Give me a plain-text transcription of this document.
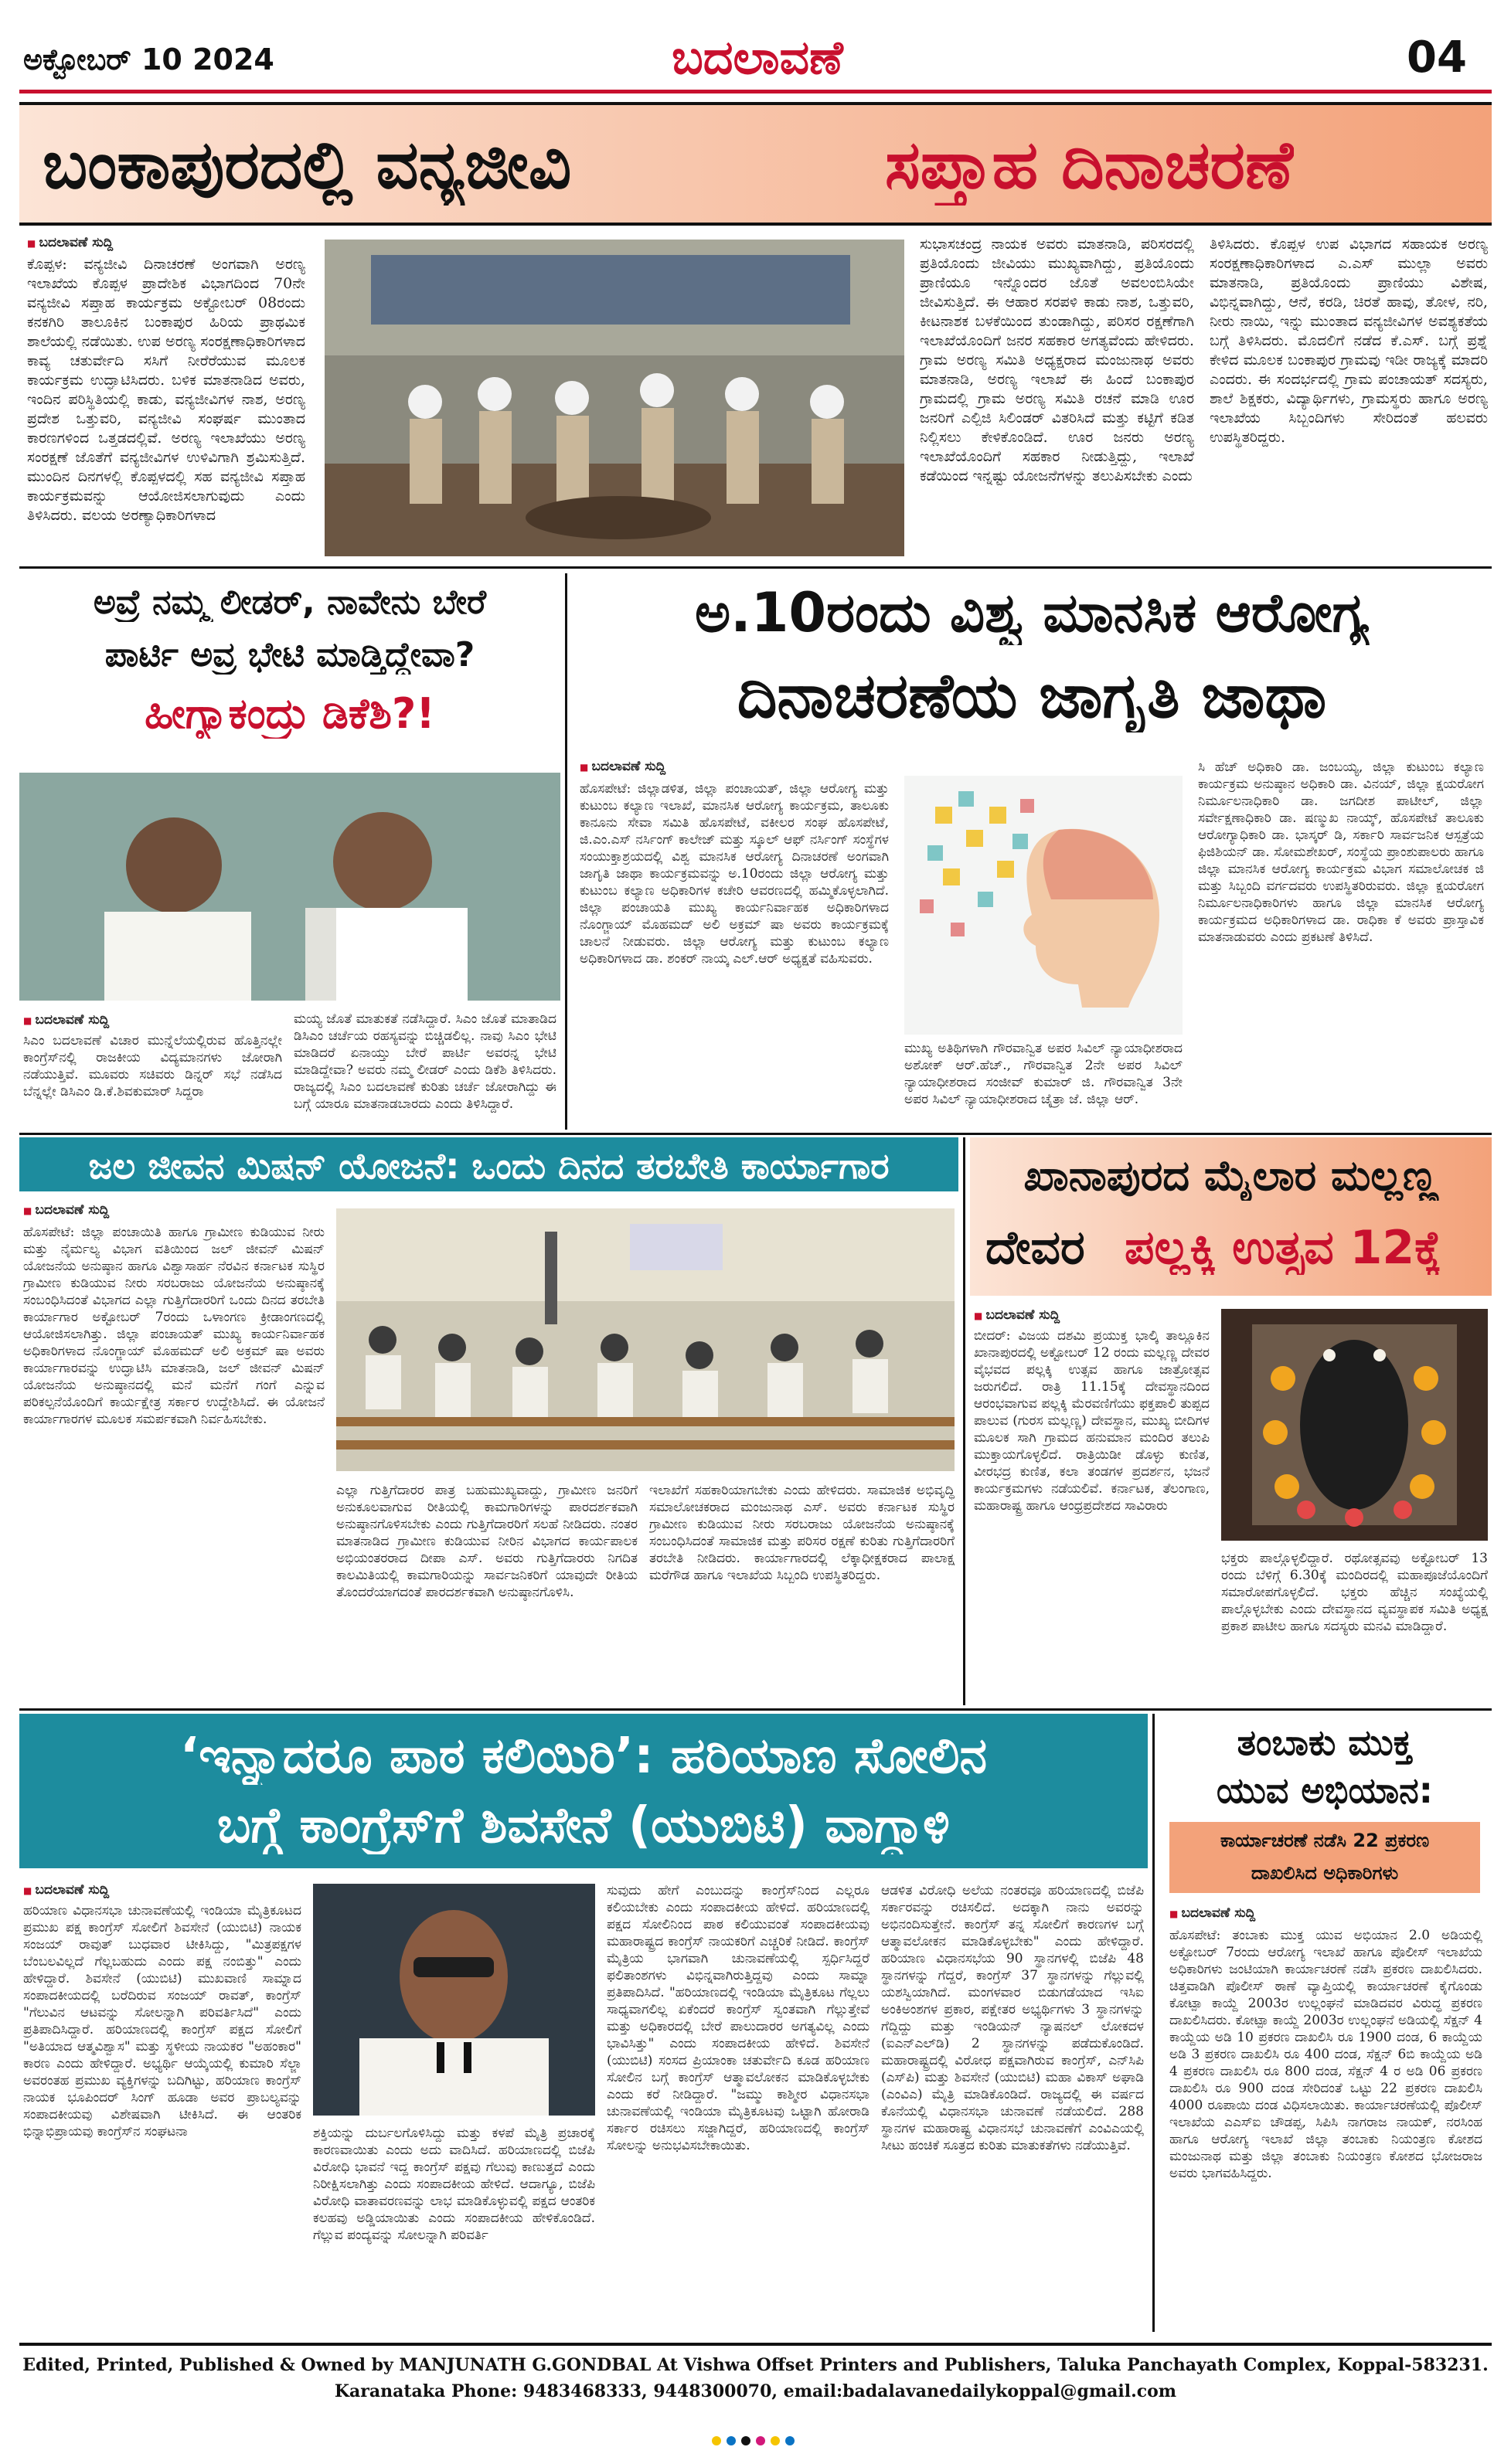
ಅಕ್ಟೋಬರ್ 10 2024	ಬದಲಾವಣೆ	04
ಬಂಕಾಪುರದಲ್ಲಿ ವನ್ಯಜೀವಿ	ಸಪ್ತಾಹ ದಿನಾಚರಣೆ
■ ಬದಲಾವಣೆ ಸುದ್ದಿ
ಕೊಪ್ಪಳ: ವನ್ಯಜೀವಿ ದಿನಾಚರಣೆ ಅಂಗವಾಗಿ ಅರಣ್ಯ ಇಲಾಖೆಯ ಕೊಪ್ಪಳ ಪ್ರಾದೇಶಿಕ ವಿಭಾಗದಿಂದ 70ನೇ ವನ್ಯಜೀವಿ ಸಪ್ತಾಹ ಕಾರ್ಯಕ್ರಮ ಅಕ್ಟೋಬರ್ 08ರಂದು ಕನಕಗಿರಿ ತಾಲೂಕಿನ ಬಂಕಾಪುರ ಹಿರಿಯ ಪ್ರಾಥಮಿಕ ಶಾಲೆಯಲ್ಲಿ ನಡೆಯಿತು. ಉಪ ಅರಣ್ಯ ಸಂರಕ್ಷಣಾಧಿಕಾರಿಗಳಾದ ಕಾವ್ಯ ಚತುರ್ವೇದಿ ಸಸಿಗೆ ನೀರೆರೆಯುವ ಮೂಲಕ ಕಾರ್ಯಕ್ರಮ ಉದ್ಘಾಟಿಸಿದರು. ಬಳಿಕ ಮಾತನಾಡಿದ ಅವರು, ಇಂದಿನ ಪರಿಸ್ಥಿತಿಯಲ್ಲಿ ಕಾಡು, ವನ್ಯಜೀವಿಗಳ ನಾಶ, ಅರಣ್ಯ ಪ್ರದೇಶ ಒತ್ತುವರಿ, ವನ್ಯಜೀವಿ ಸಂಘರ್ಷ ಮುಂತಾದ ಕಾರಣಗಳಿಂದ ಒತ್ತಡದಲ್ಲಿವೆ. ಅರಣ್ಯ ಇಲಾಖೆಯು ಅರಣ್ಯ ಸಂರಕ್ಷಣೆ ಜೊತೆಗೆ ವನ್ಯಜೀವಿಗಳ ಉಳಿವಿಗಾಗಿ ಶ್ರಮಿಸುತ್ತಿದೆ. ಮುಂದಿನ ದಿನಗಳಲ್ಲಿ ಕೊಪ್ಪಳದಲ್ಲಿ ಸಹ ವನ್ಯಜೀವಿ ಸಪ್ತಾಹ ಕಾರ್ಯಕ್ರಮವನ್ನು ಆಯೋಜಿಸಲಾಗುವುದು ಎಂದು ತಿಳಿಸಿದರು. ವಲಯ ಅರಣ್ಯಾಧಿಕಾರಿಗಳಾದ
ಸುಭಾಸಚಂದ್ರ ನಾಯಕ ಅವರು ಮಾತನಾಡಿ, ಪರಿಸರದಲ್ಲಿ ಪ್ರತಿಯೊಂದು ಜೀವಿಯು ಮುಖ್ಯವಾಗಿದ್ದು, ಪ್ರತಿಯೊಂದು ಪ್ರಾಣಿಯೂ ಇನ್ನೊಂದರ ಜೊತೆ ಅವಲಂಬಿಸಿಯೇ ಜೀವಿಸುತ್ತಿದೆ. ಈ ಆಹಾರ ಸರಪಳಿ ಕಾಡು ನಾಶ, ಒತ್ತುವರಿ, ಕೀಟನಾಶಕ ಬಳಕೆಯಿಂದ ತುಂಡಾಗಿದ್ದು, ಪರಿಸರ ರಕ್ಷಣೆಗಾಗಿ ಇಲಾಖೆಯೊಂದಿಗೆ ಜನರ ಸಹಕಾರ ಅಗತ್ಯವೆಂದು ಹೇಳಿದರು. ಗ್ರಾಮ ಅರಣ್ಯ ಸಮಿತಿ ಅಧ್ಯಕ್ಷರಾದ ಮಂಜುನಾಥ ಅವರು ಮಾತನಾಡಿ, ಅರಣ್ಯ ಇಲಾಖೆ ಈ ಹಿಂದೆ ಬಂಕಾಪುರ ಗ್ರಾಮದಲ್ಲಿ ಗ್ರಾಮ ಅರಣ್ಯ ಸಮಿತಿ ರಚನೆ ಮಾಡಿ ಊರ ಜನರಿಗೆ ಎಲ್ಪಿಜಿ ಸಿಲಿಂಡರ್ ವಿತರಿಸಿದೆ ಮತ್ತು ಕಟ್ಟಿಗೆ ಕಡಿತ ನಿಲ್ಲಿಸಲು ಕೇಳಿಕೊಂಡಿದೆ. ಊರ ಜನರು ಅರಣ್ಯ ಇಲಾಖೆಯೊಂದಿಗೆ ಸಹಕಾರ ನೀಡುತ್ತಿದ್ದು, ಇಲಾಖೆ ಕಡೆಯಿಂದ ಇನ್ನಷ್ಟು ಯೋಜನೆಗಳನ್ನು ತಲುಪಿಸಬೇಕು ಎಂದು
ತಿಳಿಸಿದರು. ಕೊಪ್ಪಳ ಉಪ ವಿಭಾಗದ ಸಹಾಯಕ ಅರಣ್ಯ ಸಂರಕ್ಷಣಾಧಿಕಾರಿಗಳಾದ ಎ.ಎಸ್ ಮುಲ್ಲಾ ಅವರು ಮಾತನಾಡಿ, ಪ್ರತಿಯೊಂದು ಪ್ರಾಣಿಯು ವಿಶೇಷ, ವಿಭಿನ್ನವಾಗಿದ್ದು, ಆನೆ, ಕರಡಿ, ಚಿರತೆ ಹಾವು, ತೋಳ, ನರಿ, ನೀರು ನಾಯಿ, ಇನ್ನು ಮುಂತಾದ ವನ್ಯಜೀವಿಗಳ ಅವಶ್ಯಕತೆಯ ಬಗ್ಗೆ ತಿಳಿಸಿದರು. ಮೊದಲಿಗೆ ನಡೆದ ಕೆ.ಎಸ್. ಬಗ್ಗೆ ಪ್ರಶ್ನೆ ಕೇಳಿದ ಮೂಲಕ ಬಂಕಾಪುರ ಗ್ರಾಮವು ಇಡೀ ರಾಜ್ಯಕ್ಕೆ ಮಾದರಿ ಎಂದರು. ಈ ಸಂದರ್ಭದಲ್ಲಿ ಗ್ರಾಮ ಪಂಚಾಯತ್ ಸದಸ್ಯರು, ಶಾಲೆ ಶಿಕ್ಷಕರು, ವಿದ್ಯಾರ್ಥಿಗಳು, ಗ್ರಾಮಸ್ಥರು ಹಾಗೂ ಅರಣ್ಯ ಇಲಾಖೆಯ ಸಿಬ್ಬಂದಿಗಳು ಸೇರಿದಂತೆ ಹಲವರು ಉಪಸ್ಥಿತರಿದ್ದರು.
ಅವ್ರೆ ನಮ್ಮ ಲೀಡರ್, ನಾವೇನು ಬೇರೆ
ಪಾರ್ಟಿ ಅವ್ರ ಭೇಟಿ ಮಾಡ್ತಿದ್ದೇವಾ?
ಹೀಗ್ಯಾಕಂದ್ರು ಡಿಕೆಶಿ?!
■ ಬದಲಾವಣೆ ಸುದ್ದಿ
ಸಿಎಂ ಬದಲಾವಣೆ ವಿಚಾರ ಮುನ್ನೆಲೆಯಲ್ಲಿರುವ ಹೊತ್ತಿನಲ್ಲೇ ಕಾಂಗ್ರೆಸ್‌ನಲ್ಲಿ ರಾಜಕೀಯ ವಿದ್ಯಮಾನಗಳು ಜೋರಾಗಿ ನಡೆಯುತ್ತಿವೆ. ಮೂವರು ಸಚಿವರು ಡಿನ್ನರ್ ಸಭೆ ನಡೆಸಿದ ಬೆನ್ನಲ್ಲೇ ಡಿಸಿಎಂ ಡಿ.ಕೆ.ಶಿವಕುಮಾರ್ ಸಿದ್ದರಾ
ಮಯ್ಯ ಜೊತೆ ಮಾತುಕತೆ ನಡೆಸಿದ್ದಾರೆ. ಸಿಎಂ ಜೊತೆ ಮಾತಾಡಿದ ಡಿಸಿಎಂ ಚರ್ಚೆಯ ರಹಸ್ಯವನ್ನು ಬಿಚ್ಚಿಡಲಿಲ್ಲ. ನಾವು ಸಿಎಂ ಭೇಟಿ ಮಾಡಿದರೆ ಏನಾಯ್ತು ಬೇರೆ ಪಾರ್ಟಿ ಅವರನ್ನ ಭೇಟಿ ಮಾಡಿದ್ದೇವಾ? ಅವರು ನಮ್ಮ ಲೀಡರ್ ಎಂದು ಡಿಕೆಶಿ ತಿಳಿಸಿದರು. ರಾಜ್ಯದಲ್ಲಿ ಸಿಎಂ ಬದಲಾವಣೆ ಕುರಿತು ಚರ್ಚೆ ಜೋರಾಗಿದ್ದು ಈ ಬಗ್ಗೆ ಯಾರೂ ಮಾತನಾಡಬಾರದು ಎಂದು ತಿಳಿಸಿದ್ದಾರೆ.
ಅ.10ರಂದು ವಿಶ್ವ ಮಾನಸಿಕ ಆರೋಗ್ಯ
ದಿನಾಚರಣೆಯ ಜಾಗೃತಿ ಜಾಥಾ
■ ಬದಲಾವಣೆ ಸುದ್ದಿ
ಹೊಸಪೇಟೆ: ಜಿಲ್ಲಾಡಳಿತ, ಜಿಲ್ಲಾ ಪಂಚಾಯತ್, ಜಿಲ್ಲಾ ಆರೋಗ್ಯ ಮತ್ತು ಕುಟುಂಬ ಕಲ್ಯಾಣ ಇಲಾಖೆ, ಮಾನಸಿಕ ಆರೋಗ್ಯ ಕಾರ್ಯಕ್ರಮ, ತಾಲೂಕು ಕಾನೂನು ಸೇವಾ ಸಮಿತಿ ಹೊಸಪೇಟೆ, ವಕೀಲರ ಸಂಘ ಹೊಸಪೇಟೆ, ಜಿ.ಎಂ.ಎಸ್ ನರ್ಸಿಂಗ್ ಕಾಲೇಜ್ ಮತ್ತು ಸ್ಕೂಲ್ ಆಫ್ ನರ್ಸಿಂಗ್ ಸಂಸ್ಥೆಗಳ ಸಂಯುಕ್ತಾಶ್ರಯದಲ್ಲಿ ವಿಶ್ವ ಮಾನಸಿಕ ಆರೋಗ್ಯ ದಿನಾಚರಣೆ ಅಂಗವಾಗಿ ಜಾಗೃತಿ ಜಾಥಾ ಕಾರ್ಯಕ್ರಮವನ್ನು ಅ.10ರಂದು ಜಿಲ್ಲಾ ಆರೋಗ್ಯ ಮತ್ತು ಕುಟುಂಬ ಕಲ್ಯಾಣ ಅಧಿಕಾರಿಗಳ ಕಚೇರಿ ಆವರಣದಲ್ಲಿ ಹಮ್ಮಿಕೊಳ್ಳಲಾಗಿದೆ. ಜಿಲ್ಲಾ ಪಂಚಾಯತಿ ಮುಖ್ಯ ಕಾರ್ಯನಿರ್ವಾಹಕ ಅಧಿಕಾರಿಗಳಾದ ನೊಂಗ್ಜಾಯ್ ಮೊಹಮದ್ ಅಲಿ ಅಕ್ರಮ್ ಷಾ ಅವರು ಕಾರ್ಯಕ್ರಮಕ್ಕೆ ಚಾಲನೆ ನೀಡುವರು. ಜಿಲ್ಲಾ ಆರೋಗ್ಯ ಮತ್ತು ಕುಟುಂಬ ಕಲ್ಯಾಣ ಅಧಿಕಾರಿಗಳಾದ ಡಾ. ಶಂಕರ್ ನಾಯ್ಕ ಎಲ್.ಆರ್ ಅಧ್ಯಕ್ಷತೆ ವಹಿಸುವರು.
ಮುಖ್ಯ ಅತಿಥಿಗಳಾಗಿ ಗೌರವಾನ್ವಿತ ಅಪರ ಸಿವಿಲ್ ನ್ಯಾಯಾಧೀಶರಾದ ಅಶೋಕ್ ಆರ್.ಹೆಚ್., ಗೌರವಾನ್ವಿತ 2ನೇ ಅಪರ ಸಿವಿಲ್ ನ್ಯಾಯಾಧೀಶರಾದ ಸಂಜೀವ್ ಕುಮಾರ್ ಜಿ. ಗೌರವಾನ್ವಿತ 3ನೇ ಅಪರ ಸಿವಿಲ್ ನ್ಯಾಯಾಧೀಶರಾದ ಚೈತ್ರಾ ಜೆ. ಜಿಲ್ಲಾ ಆರ್.
ಸಿ ಹೆಚ್ ಅಧಿಕಾರಿ ಡಾ. ಜಂಬಯ್ಯ, ಜಿಲ್ಲಾ ಕುಟುಂಬ ಕಲ್ಯಾಣ ಕಾರ್ಯಕ್ರಮ ಅನುಷ್ಠಾನ ಅಧಿಕಾರಿ ಡಾ. ವಿನಯ್, ಜಿಲ್ಲಾ ಕ್ಷಯರೋಗ ನಿರ್ಮೂಲನಾಧಿಕಾರಿ ಡಾ. ಜಗದೀಶ ಪಾಟೀಲ್, ಜಿಲ್ಲಾ ಸರ್ವೇಕ್ಷಣಾಧಿಕಾರಿ ಡಾ. ಷಣ್ಮುಖ ನಾಯ್ಕ್, ಹೊಸಪೇಟೆ ತಾಲೂಕು ಆರೋಗ್ಯಾಧಿಕಾರಿ ಡಾ. ಭಾಸ್ಕರ್ ಡಿ, ಸರ್ಕಾರಿ ಸಾರ್ವಜನಿಕ ಆಸ್ಪತ್ರೆಯ ಫಿಜಿಶಿಯನ್ ಡಾ. ಸೋಮಶೇಖರ್, ಸಂಸ್ಥೆಯ ಪ್ರಾಂಶುಪಾಲರು ಹಾಗೂ ಜಿಲ್ಲಾ ಮಾನಸಿಕ ಆರೋಗ್ಯ ಕಾರ್ಯಕ್ರಮ ವಿಭಾಗ ಸಮಾಲೋಚಕ ಜಿ ಮತ್ತು ಸಿಬ್ಬಂದಿ ವರ್ಗದವರು ಉಪಸ್ಥಿತರಿರುವರು. ಜಿಲ್ಲಾ ಕ್ಷಯರೋಗ ನಿರ್ಮೂಲನಾಧಿಕಾರಿಗಳು ಹಾಗೂ ಜಿಲ್ಲಾ ಮಾನಸಿಕ ಆರೋಗ್ಯ ಕಾರ್ಯಕ್ರಮದ ಅಧಿಕಾರಿಗಳಾದ ಡಾ. ರಾಧಿಕಾ ಕೆ ಅವರು ಪ್ರಾಸ್ತಾವಿಕ ಮಾತನಾಡುವರು ಎಂದು ಪ್ರಕಟಣೆ ತಿಳಿಸಿದೆ.
ಜಲ ಜೀವನ ಮಿಷನ್ ಯೋಜನೆ: ಒಂದು ದಿನದ ತರಬೇತಿ ಕಾರ್ಯಾಗಾರ
■ ಬದಲಾವಣೆ ಸುದ್ದಿ
ಹೊಸಪೇಟೆ: ಜಿಲ್ಲಾ ಪಂಚಾಯಿತಿ ಹಾಗೂ ಗ್ರಾಮೀಣ ಕುಡಿಯುವ ನೀರು ಮತ್ತು ನೈರ್ಮಲ್ಯ ವಿಭಾಗ ವತಿಯಿಂದ ಜಲ್ ಜೀವನ್ ಮಿಷನ್ ಯೋಜನೆಯ ಅನುಷ್ಠಾನ ಹಾಗೂ ವಿಶ್ವಾಸಾರ್ಹ ನೆರವಿನ ಕರ್ನಾಟಕ ಸುಸ್ಥಿರ ಗ್ರಾಮೀಣ ಕುಡಿಯುವ ನೀರು ಸರಬರಾಜು ಯೋಜನೆಯ ಅನುಷ್ಠಾನಕ್ಕೆ ಸಂಬಂಧಿಸಿದಂತೆ ವಿಭಾಗದ ಎಲ್ಲಾ ಗುತ್ತಿಗೆದಾರರಿಗೆ ಒಂದು ದಿನದ ತರಬೇತಿ ಕಾರ್ಯಾಗಾರ ಅಕ್ಟೋಬರ್ 7ರಂದು ಒಳಾಂಗಣ ಕ್ರೀಡಾಂಗಣದಲ್ಲಿ ಆಯೋಜಿಸಲಾಗಿತ್ತು. ಜಿಲ್ಲಾ ಪಂಚಾಯತ್ ಮುಖ್ಯ ಕಾರ್ಯನಿರ್ವಾಹಕ ಅಧಿಕಾರಿಗಳಾದ ನೊಂಗ್ಜಾಯ್ ಮೊಹಮದ್ ಅಲಿ ಅಕ್ರಮ್ ಷಾ ಅವರು ಕಾರ್ಯಾಗಾರವನ್ನು ಉದ್ಘಾಟಿಸಿ ಮಾತನಾಡಿ, ಜಲ್ ಜೀವನ್ ಮಿಷನ್ ಯೋಜನೆಯ ಅನುಷ್ಠಾನದಲ್ಲಿ ಮನೆ ಮನೆಗೆ ಗಂಗೆ ಎನ್ನುವ ಪರಿಕಲ್ಪನೆಯೊಂದಿಗೆ ಕಾರ್ಯಕ್ಷೇತ್ರ ಸರ್ಕಾರ ಉದ್ದೇಶಿಸಿದೆ. ಈ ಯೋಜನೆ ಕಾರ್ಯಾಗಾರಗಳ ಮೂಲಕ ಸಮರ್ಪಕವಾಗಿ ನಿರ್ವಹಿಸಬೇಕು.
ಎಲ್ಲಾ ಗುತ್ತಿಗೆದಾರರ ಪಾತ್ರ ಬಹುಮುಖ್ಯವಾದ್ದು, ಗ್ರಾಮೀಣ ಜನರಿಗೆ ಅನುಕೂಲವಾಗುವ ರೀತಿಯಲ್ಲಿ ಕಾಮಗಾರಿಗಳನ್ನು ಪಾರದರ್ಶಕವಾಗಿ ಅನುಷ್ಠಾನಗೊಳಿಸಬೇಕು ಎಂದು ಗುತ್ತಿಗೆದಾರರಿಗೆ ಸಲಹೆ ನೀಡಿದರು. ನಂತರ ಮಾತನಾಡಿದ ಗ್ರಾಮೀಣ ಕುಡಿಯುವ ನೀರಿನ ವಿಭಾಗದ ಕಾರ್ಯಪಾಲಕ ಅಭಿಯಂತರರಾದ ದೀಪಾ ಎಸ್. ಅವರು ಗುತ್ತಿಗೆದಾರರು ನಿಗದಿತ ಕಾಲಮಿತಿಯಲ್ಲಿ ಕಾಮಗಾರಿಯನ್ನು ಸಾರ್ವಜನಿಕರಿಗೆ ಯಾವುದೇ ರೀತಿಯ ತೊಂದರೆಯಾಗದಂತೆ ಪಾರದರ್ಶಕವಾಗಿ ಅನುಷ್ಠಾನಗೊಳಿಸಿ.
ಇಲಾಖೆಗೆ ಸಹಕಾರಿಯಾಗಬೇಕು ಎಂದು ಹೇಳಿದರು. ಸಾಮಾಜಿಕ ಅಭಿವೃದ್ಧಿ ಸಮಾಲೋಚಕರಾದ ಮಂಜುನಾಥ ಎಸ್. ಅವರು ಕರ್ನಾಟಕ ಸುಸ್ಥಿರ ಗ್ರಾಮೀಣ ಕುಡಿಯುವ ನೀರು ಸರಬರಾಜು ಯೋಜನೆಯ ಅನುಷ್ಠಾನಕ್ಕೆ ಸಂಬಂಧಿಸಿದಂತೆ ಸಾಮಾಜಿಕ ಮತ್ತು ಪರಿಸರ ರಕ್ಷಣೆ ಕುರಿತು ಗುತ್ತಿಗೆದಾರರಿಗೆ ತರಬೇತಿ ನೀಡಿದರು. ಕಾರ್ಯಾಗಾರದಲ್ಲಿ ಲೆಕ್ಕಾಧೀಕ್ಷಕರಾದ ಪಾಲಾಕ್ಷ ಮರೆಗೌಡ ಹಾಗೂ ಇಲಾಖೆಯ ಸಿಬ್ಬಂದಿ ಉಪಸ್ಥಿತರಿದ್ದರು.
ಖಾನಾಪುರದ ಮೈಲಾರ ಮಲ್ಲಣ್ಣ
ದೇವರ ಪಲ್ಲಕ್ಕಿ ಉತ್ಸವ 12ಕ್ಕೆ
■ ಬದಲಾವಣೆ ಸುದ್ದಿ
ಬೀದರ್: ವಿಜಯ ದಶಮಿ ಪ್ರಯುಕ್ತ ಭಾಲ್ಕಿ ತಾಲ್ಲೂಕಿನ ಖಾನಾಪುರದಲ್ಲಿ ಅಕ್ಟೋಬರ್ 12 ರಂದು ಮಲ್ಲಣ್ಣ ದೇವರ ವೈಭವದ ಪಲ್ಲಕ್ಕಿ ಉತ್ಸವ ಹಾಗೂ ಜಾತ್ರೋತ್ಸವ ಜರುಗಲಿದೆ. ರಾತ್ರಿ 11.15ಕ್ಕೆ ದೇವಸ್ಥಾನದಿಂದ ಆರಂಭವಾಗುವ ಪಲ್ಲಕ್ಕಿ ಮೆರವಣಿಗೆಯು ಫಕ್ತಪಾಲಿ ತುಪ್ಪದ ಪಾಲುವ (ಗುರಸ ಮಲ್ಲಣ್ಣ) ದೇವಸ್ಥಾನ, ಮುಖ್ಯ ಬೀದಿಗಳ ಮೂಲಕ ಸಾಗಿ ಗ್ರಾಮದ ಹನುಮಾನ ಮಂದಿರ ತಲುಪಿ ಮುಕ್ತಾಯಗೊಳ್ಳಲಿದೆ. ರಾತ್ರಿಯಿಡೀ ಡೊಳ್ಳು ಕುಣಿತ, ವೀರಭದ್ರ ಕುಣಿತ, ಕಲಾ ತಂಡಗಳ ಪ್ರದರ್ಶನ, ಭಜನೆ ಕಾರ್ಯಕ್ರಮಗಳು ನಡೆಯಲಿವೆ. ಕರ್ನಾಟಕ, ತೆಲಂಗಾಣ, ಮಹಾರಾಷ್ಟ್ರ ಹಾಗೂ ಆಂಧ್ರಪ್ರದೇಶದ ಸಾವಿರಾರು
ಭಕ್ತರು ಪಾಲ್ಗೊಳ್ಳಲಿದ್ದಾರೆ. ರಥೋತ್ಸವವು ಅಕ್ಟೋಬರ್ 13 ರಂದು ಬೆಳಿಗ್ಗೆ 6.30ಕ್ಕೆ ಮಂದಿರದಲ್ಲಿ ಮಹಾಪೂಜೆಯೊಂದಿಗೆ ಸಮಾರೋಪಗೊಳ್ಳಲಿದೆ. ಭಕ್ತರು ಹೆಚ್ಚಿನ ಸಂಖ್ಯೆಯಲ್ಲಿ ಪಾಲ್ಗೊಳ್ಳಬೇಕು ಎಂದು ದೇವಸ್ಥಾನದ ವ್ಯವಸ್ಥಾಪಕ ಸಮಿತಿ ಅಧ್ಯಕ್ಷ ಪ್ರಕಾಶ ಪಾಟೀಲ ಹಾಗೂ ಸದಸ್ಯರು ಮನವಿ ಮಾಡಿದ್ದಾರೆ.
‘ಇನ್ನಾದರೂ ಪಾಠ ಕಲಿಯಿರಿ’: ಹರಿಯಾಣ ಸೋಲಿನ
ಬಗ್ಗೆ ಕಾಂಗ್ರೆಸ್‌ಗೆ ಶಿವಸೇನೆ (ಯುಬಿಟಿ) ವಾಗ್ದಾಳಿ
■ ಬದಲಾವಣೆ ಸುದ್ದಿ
ಹರಿಯಾಣ ವಿಧಾನಸಭಾ ಚುನಾವಣೆಯಲ್ಲಿ ಇಂಡಿಯಾ ಮೈತ್ರಿಕೂಟದ ಪ್ರಮುಖ ಪಕ್ಷ ಕಾಂಗ್ರೆಸ್ ಸೋಲಿಗೆ ಶಿವಸೇನೆ (ಯುಬಿಟಿ) ನಾಯಕ ಸಂಜಯ್ ರಾವುತ್ ಬುಧವಾರ ಟೀಕಿಸಿದ್ದು, "ಮಿತ್ರಪಕ್ಷಗಳ ಬೆಂಬಲವಿಲ್ಲದೆ ಗೆಲ್ಲಬಹುದು ಎಂದು ಪಕ್ಷ ನಂಬಿತ್ತು" ಎಂದು ಹೇಳಿದ್ದಾರೆ. ಶಿವಸೇನೆ (ಯುಬಿಟಿ) ಮುಖವಾಣಿ ಸಾಮ್ನಾದ ಸಂಪಾದಕೀಯದಲ್ಲಿ ಬರೆದಿರುವ ಸಂಜಯ್ ರಾವತ್, ಕಾಂಗ್ರೆಸ್ "ಗೆಲುವಿನ ಆಟವನ್ನು ಸೋಲನ್ನಾಗಿ ಪರಿವರ್ತಿಸಿದೆ" ಎಂದು ಪ್ರತಿಪಾದಿಸಿದ್ದಾರೆ. ಹರಿಯಾಣದಲ್ಲಿ ಕಾಂಗ್ರೆಸ್ ಪಕ್ಷದ ಸೋಲಿಗೆ "ಅತಿಯಾದ ಆತ್ಮವಿಶ್ವಾಸ" ಮತ್ತು ಸ್ಥಳೀಯ ನಾಯಕರ "ಅಹಂಕಾರ" ಕಾರಣ ಎಂದು ಹೇಳಿದ್ದಾರೆ. ಅಭ್ಯರ್ಥಿ ಆಯ್ಕೆಯಲ್ಲಿ ಕುಮಾರಿ ಸೆಲ್ಜಾ ಅವರಂತಹ ಪ್ರಮುಖ ವ್ಯಕ್ತಿಗಳನ್ನು ಬದಿಗಿಟ್ಟು, ಹರಿಯಾಣ ಕಾಂಗ್ರೆಸ್ ನಾಯಕ ಭೂಪಿಂದರ್ ಸಿಂಗ್ ಹೂಡಾ ಅವರ ಪ್ರಾಬಲ್ಯವನ್ನು ಸಂಪಾದಕೀಯವು ವಿಶೇಷವಾಗಿ ಟೀಕಿಸಿದೆ. ಈ ಆಂತರಿಕ ಭಿನ್ನಾಭಿಪ್ರಾಯವು ಕಾಂಗ್ರೆಸ್‌ನ ಸಂಘಟನಾ	ಶಕ್ತಿಯನ್ನು ದುರ್ಬಲಗೊಳಿಸಿದ್ದು ಮತ್ತು ಕಳಪೆ ಮೈತ್ರಿ ಪ್ರಚಾರಕ್ಕೆ ಕಾರಣವಾಯಿತು ಎಂದು ಅದು ವಾದಿಸಿದೆ. ಹರಿಯಾಣದಲ್ಲಿ ಬಿಜೆಪಿ ವಿರೋಧಿ ಭಾವನೆ ಇದ್ದ ಕಾಂಗ್ರೆಸ್ ಪಕ್ಷವು ಗೆಲುವು ಕಾಣುತ್ತದೆ ಎಂದು ನಿರೀಕ್ಷಿಸಲಾಗಿತ್ತು ಎಂದು ಸಂಪಾದಕೀಯ ಹೇಳಿದೆ. ಆದಾಗ್ಯೂ, ಬಿಜೆಪಿ ವಿರೋಧಿ ವಾತಾವರಣವನ್ನು ಲಾಭ ಮಾಡಿಕೊಳ್ಳುವಲ್ಲಿ ಪಕ್ಷದ ಆಂತರಿಕ ಕಲಹವು ಅಡ್ಡಿಯಾಯಿತು ಎಂದು ಸಂಪಾದಕೀಯ ಹೇಳಿಕೊಂಡಿದೆ. ಗೆಲ್ಲುವ ಪಂದ್ಯವನ್ನು ಸೋಲನ್ನಾಗಿ ಪರಿವರ್ತಿ
ಸುವುದು ಹೇಗೆ ಎಂಬುದನ್ನು ಕಾಂಗ್ರೆಸ್‌ನಿಂದ ಎಲ್ಲರೂ ಕಲಿಯಬೇಕು ಎಂದು ಸಂಪಾದಕೀಯ ಹೇಳಿದೆ. ಹರಿಯಾಣದಲ್ಲಿ ಪಕ್ಷದ ಸೋಲಿನಿಂದ ಪಾಠ ಕಲಿಯುವಂತೆ ಸಂಪಾದಕೀಯವು ಮಹಾರಾಷ್ಟ್ರದ ಕಾಂಗ್ರೆಸ್ ನಾಯಕರಿಗೆ ಎಚ್ಚರಿಕೆ ನೀಡಿದೆ. ಕಾಂಗ್ರೆಸ್ ಮೈತ್ರಿಯ ಭಾಗವಾಗಿ ಚುನಾವಣೆಯಲ್ಲಿ ಸ್ಪರ್ಧಿಸಿದ್ದರೆ ಫಲಿತಾಂಶಗಳು ವಿಭಿನ್ನವಾಗಿರುತ್ತಿದ್ದವು ಎಂದು ಸಾಮ್ನಾ ಪ್ರತಿಪಾದಿಸಿದೆ. "ಹರಿಯಾಣದಲ್ಲಿ ಇಂಡಿಯಾ ಮೈತ್ರಿಕೂಟ ಗೆಲ್ಲಲು ಸಾಧ್ಯವಾಗಲಿಲ್ಲ ಏಕೆಂದರೆ ಕಾಂಗ್ರೆಸ್ ಸ್ವಂತವಾಗಿ ಗೆಲ್ಲುತ್ತೇವೆ ಮತ್ತು ಅಧಿಕಾರದಲ್ಲಿ ಬೇರೆ ಪಾಲುದಾರರ ಅಗತ್ಯವಿಲ್ಲ ಎಂದು ಭಾವಿಸಿತ್ತು" ಎಂದು ಸಂಪಾದಕೀಯ ಹೇಳಿದೆ. ಶಿವಸೇನೆ (ಯುಬಿಟಿ) ಸಂಸದ ಪ್ರಿಯಾಂಕಾ ಚತುರ್ವೇದಿ ಕೂಡ ಹರಿಯಾಣ ಸೋಲಿನ ಬಗ್ಗೆ ಕಾಂಗ್ರೆಸ್ ಆತ್ಮಾವಲೋಕನ ಮಾಡಿಕೊಳ್ಳಬೇಕು ಎಂದು ಕರೆ ನೀಡಿದ್ದಾರೆ. "ಜಮ್ಮು ಕಾಶ್ಮೀರ ವಿಧಾನಸಭಾ ಚುನಾವಣೆಯಲ್ಲಿ ಇಂಡಿಯಾ ಮೈತ್ರಿಕೂಟವು ಒಟ್ಟಾಗಿ ಹೋರಾಡಿ ಸರ್ಕಾರ ರಚಿಸಲು ಸಜ್ಜಾಗಿದ್ದರೆ, ಹರಿಯಾಣದಲ್ಲಿ ಕಾಂಗ್ರೆಸ್ ಸೋಲನ್ನು ಅನುಭವಿಸಬೇಕಾಯಿತು.
ಆಡಳಿತ ವಿರೋಧಿ ಅಲೆಯ ನಂತರವೂ ಹರಿಯಾಣದಲ್ಲಿ ಬಿಜೆಪಿ ಸರ್ಕಾರವನ್ನು ರಚಿಸಲಿದೆ. ಅದಕ್ಕಾಗಿ ನಾನು ಅವರನ್ನು ಅಭಿನಂದಿಸುತ್ತೇನೆ. ಕಾಂಗ್ರೆಸ್ ತನ್ನ ಸೋಲಿಗೆ ಕಾರಣಗಳ ಬಗ್ಗೆ ಆತ್ಮಾವಲೋಕನ ಮಾಡಿಕೊಳ್ಳಬೇಕು" ಎಂದು ಹೇಳಿದ್ದಾರೆ. ಹರಿಯಾಣ ವಿಧಾನಸಭೆಯ 90 ಸ್ಥಾನಗಳಲ್ಲಿ ಬಿಜೆಪಿ 48 ಸ್ಥಾನಗಳನ್ನು ಗೆದ್ದರೆ, ಕಾಂಗ್ರೆಸ್ 37 ಸ್ಥಾನಗಳನ್ನು ಗೆಲ್ಲುವಲ್ಲಿ ಯಶಸ್ವಿಯಾಗಿದೆ. ಮಂಗಳವಾರ ಬಿಡುಗಡೆಯಾದ ಇಸಿಐ ಅಂಕಿಅಂಶಗಳ ಪ್ರಕಾರ, ಪಕ್ಷೇತರ ಅಭ್ಯರ್ಥಿಗಳು 3 ಸ್ಥಾನಗಳನ್ನು ಗೆದ್ದಿದ್ದು ಮತ್ತು ಇಂಡಿಯನ್ ನ್ಯಾಷನಲ್ ಲೋಕದಳ (ಐಎನ್‌ಎಲ್‌ಡಿ) 2 ಸ್ಥಾನಗಳನ್ನು ಪಡೆದುಕೊಂಡಿದೆ. ಮಹಾರಾಷ್ಟ್ರದಲ್ಲಿ ವಿರೋಧ ಪಕ್ಷವಾಗಿರುವ ಕಾಂಗ್ರೆಸ್, ಎನ್‌ಸಿಪಿ (ಎಸ್‌ಪಿ) ಮತ್ತು ಶಿವಸೇನೆ (ಯುಬಿಟಿ) ಮಹಾ ವಿಕಾಸ್ ಅಘಾಡಿ (ಎಂವಿಎ) ಮೈತ್ರಿ ಮಾಡಿಕೊಂಡಿದೆ. ರಾಜ್ಯದಲ್ಲಿ ಈ ವರ್ಷದ ಕೊನೆಯಲ್ಲಿ ವಿಧಾನಸಭಾ ಚುನಾವಣೆ ನಡೆಯಲಿದೆ. 288 ಸ್ಥಾನಗಳ ಮಹಾರಾಷ್ಟ್ರ ವಿಧಾನಸಭೆ ಚುನಾವಣೆಗೆ ಎಂವಿಎಯಲ್ಲಿ ಸೀಟು ಹಂಚಿಕೆ ಸೂತ್ರದ ಕುರಿತು ಮಾತುಕತೆಗಳು ನಡೆಯುತ್ತಿವೆ.
ತಂಬಾಕು ಮುಕ್ತ
ಯುವ ಅಭಿಯಾನ:
ಕಾರ್ಯಾಚರಣೆ ನಡೆಸಿ 22 ಪ್ರಕರಣ
ದಾಖಲಿಸಿದ ಅಧಿಕಾರಿಗಳು
■ ಬದಲಾವಣೆ ಸುದ್ದಿ
ಹೊಸಪೇಟೆ: ತಂಬಾಕು ಮುಕ್ತ ಯುವ ಅಭಿಯಾನ 2.0 ಅಡಿಯಲ್ಲಿ ಅಕ್ಟೋಬರ್ 7ರಂದು ಆರೋಗ್ಯ ಇಲಾಖೆ ಹಾಗೂ ಪೊಲೀಸ್ ಇಲಾಖೆಯ ಅಧಿಕಾರಿಗಳು ಜಂಟಿಯಾಗಿ ಕಾರ್ಯಾಚರಣೆ ನಡೆಸಿ ಪ್ರಕರಣ ದಾಖಲಿಸಿದರು. ಚಿತ್ತವಾಡಿಗಿ ಪೊಲೀಸ್ ಠಾಣೆ ವ್ಯಾಪ್ತಿಯಲ್ಲಿ ಕಾರ್ಯಾಚರಣೆ ಕೈಗೊಂಡು ಕೋಟ್ಪಾ ಕಾಯ್ದೆ 2003ರ ಉಲ್ಲಂಘನೆ ಮಾಡಿದವರ ವಿರುದ್ಧ ಪ್ರಕರಣ ದಾಖಲಿಸಿದರು. ಕೋಟ್ಪಾ ಕಾಯ್ದೆ 2003ರ ಉಲ್ಲಂಘನೆ ಅಡಿಯಲ್ಲಿ ಸೆಕ್ಷನ್ 4 ಕಾಯ್ದೆಯ ಅಡಿ 10 ಪ್ರಕರಣ ದಾಖಲಿಸಿ ರೂ 1900 ದಂಡ, 6 ಕಾಯ್ದೆಯ ಅಡಿ 3 ಪ್ರಕರಣ ದಾಖಲಿಸಿ ರೂ 400 ದಂಡ, ಸೆಕ್ಷನ್ 6ಬಿ ಕಾಯ್ದೆಯ ಅಡಿ 4 ಪ್ರಕರಣ ದಾಖಲಿಸಿ ರೂ 800 ದಂಡ, ಸೆಕ್ಷನ್ 4 ರ ಅಡಿ 06 ಪ್ರಕರಣ ದಾಖಲಿಸಿ ರೂ 900 ದಂಡ ಸೇರಿದಂತೆ ಒಟ್ಟು 22 ಪ್ರಕರಣ ದಾಖಲಿಸಿ 4000 ರೂಪಾಯಿ ದಂಡ ವಿಧಿಸಲಾಯಿತು. ಕಾರ್ಯಾಚರಣೆಯಲ್ಲಿ ಪೊಲೀಸ್ ಇಲಾಖೆಯ ಎಎಸ್ಐ ಚೌಡಪ್ಪ, ಸಿಪಿಸಿ ನಾಗರಾಜ ನಾಯಕ್, ನರಸಿಂಹ ಹಾಗೂ ಆರೋಗ್ಯ ಇಲಾಖೆ ಜಿಲ್ಲಾ ತಂಬಾಕು ನಿಯಂತ್ರಣ ಕೋಶದ ಮಂಜುನಾಥ ಮತ್ತು ಜಿಲ್ಲಾ ತಂಬಾಕು ನಿಯಂತ್ರಣ ಕೋಶದ ಭೋಜರಾಜ ಅವರು ಭಾಗವಹಿಸಿದ್ದರು.
Edited, Printed, Published & Owned by MANJUNATH G.GONDBAL At Vishwa Offset Printers and Publishers, Taluka Panchayath Complex, Koppal-583231.
Karanataka Phone: 9483468333, 9448300070, email:badalavanedailykoppal@gmail.com
